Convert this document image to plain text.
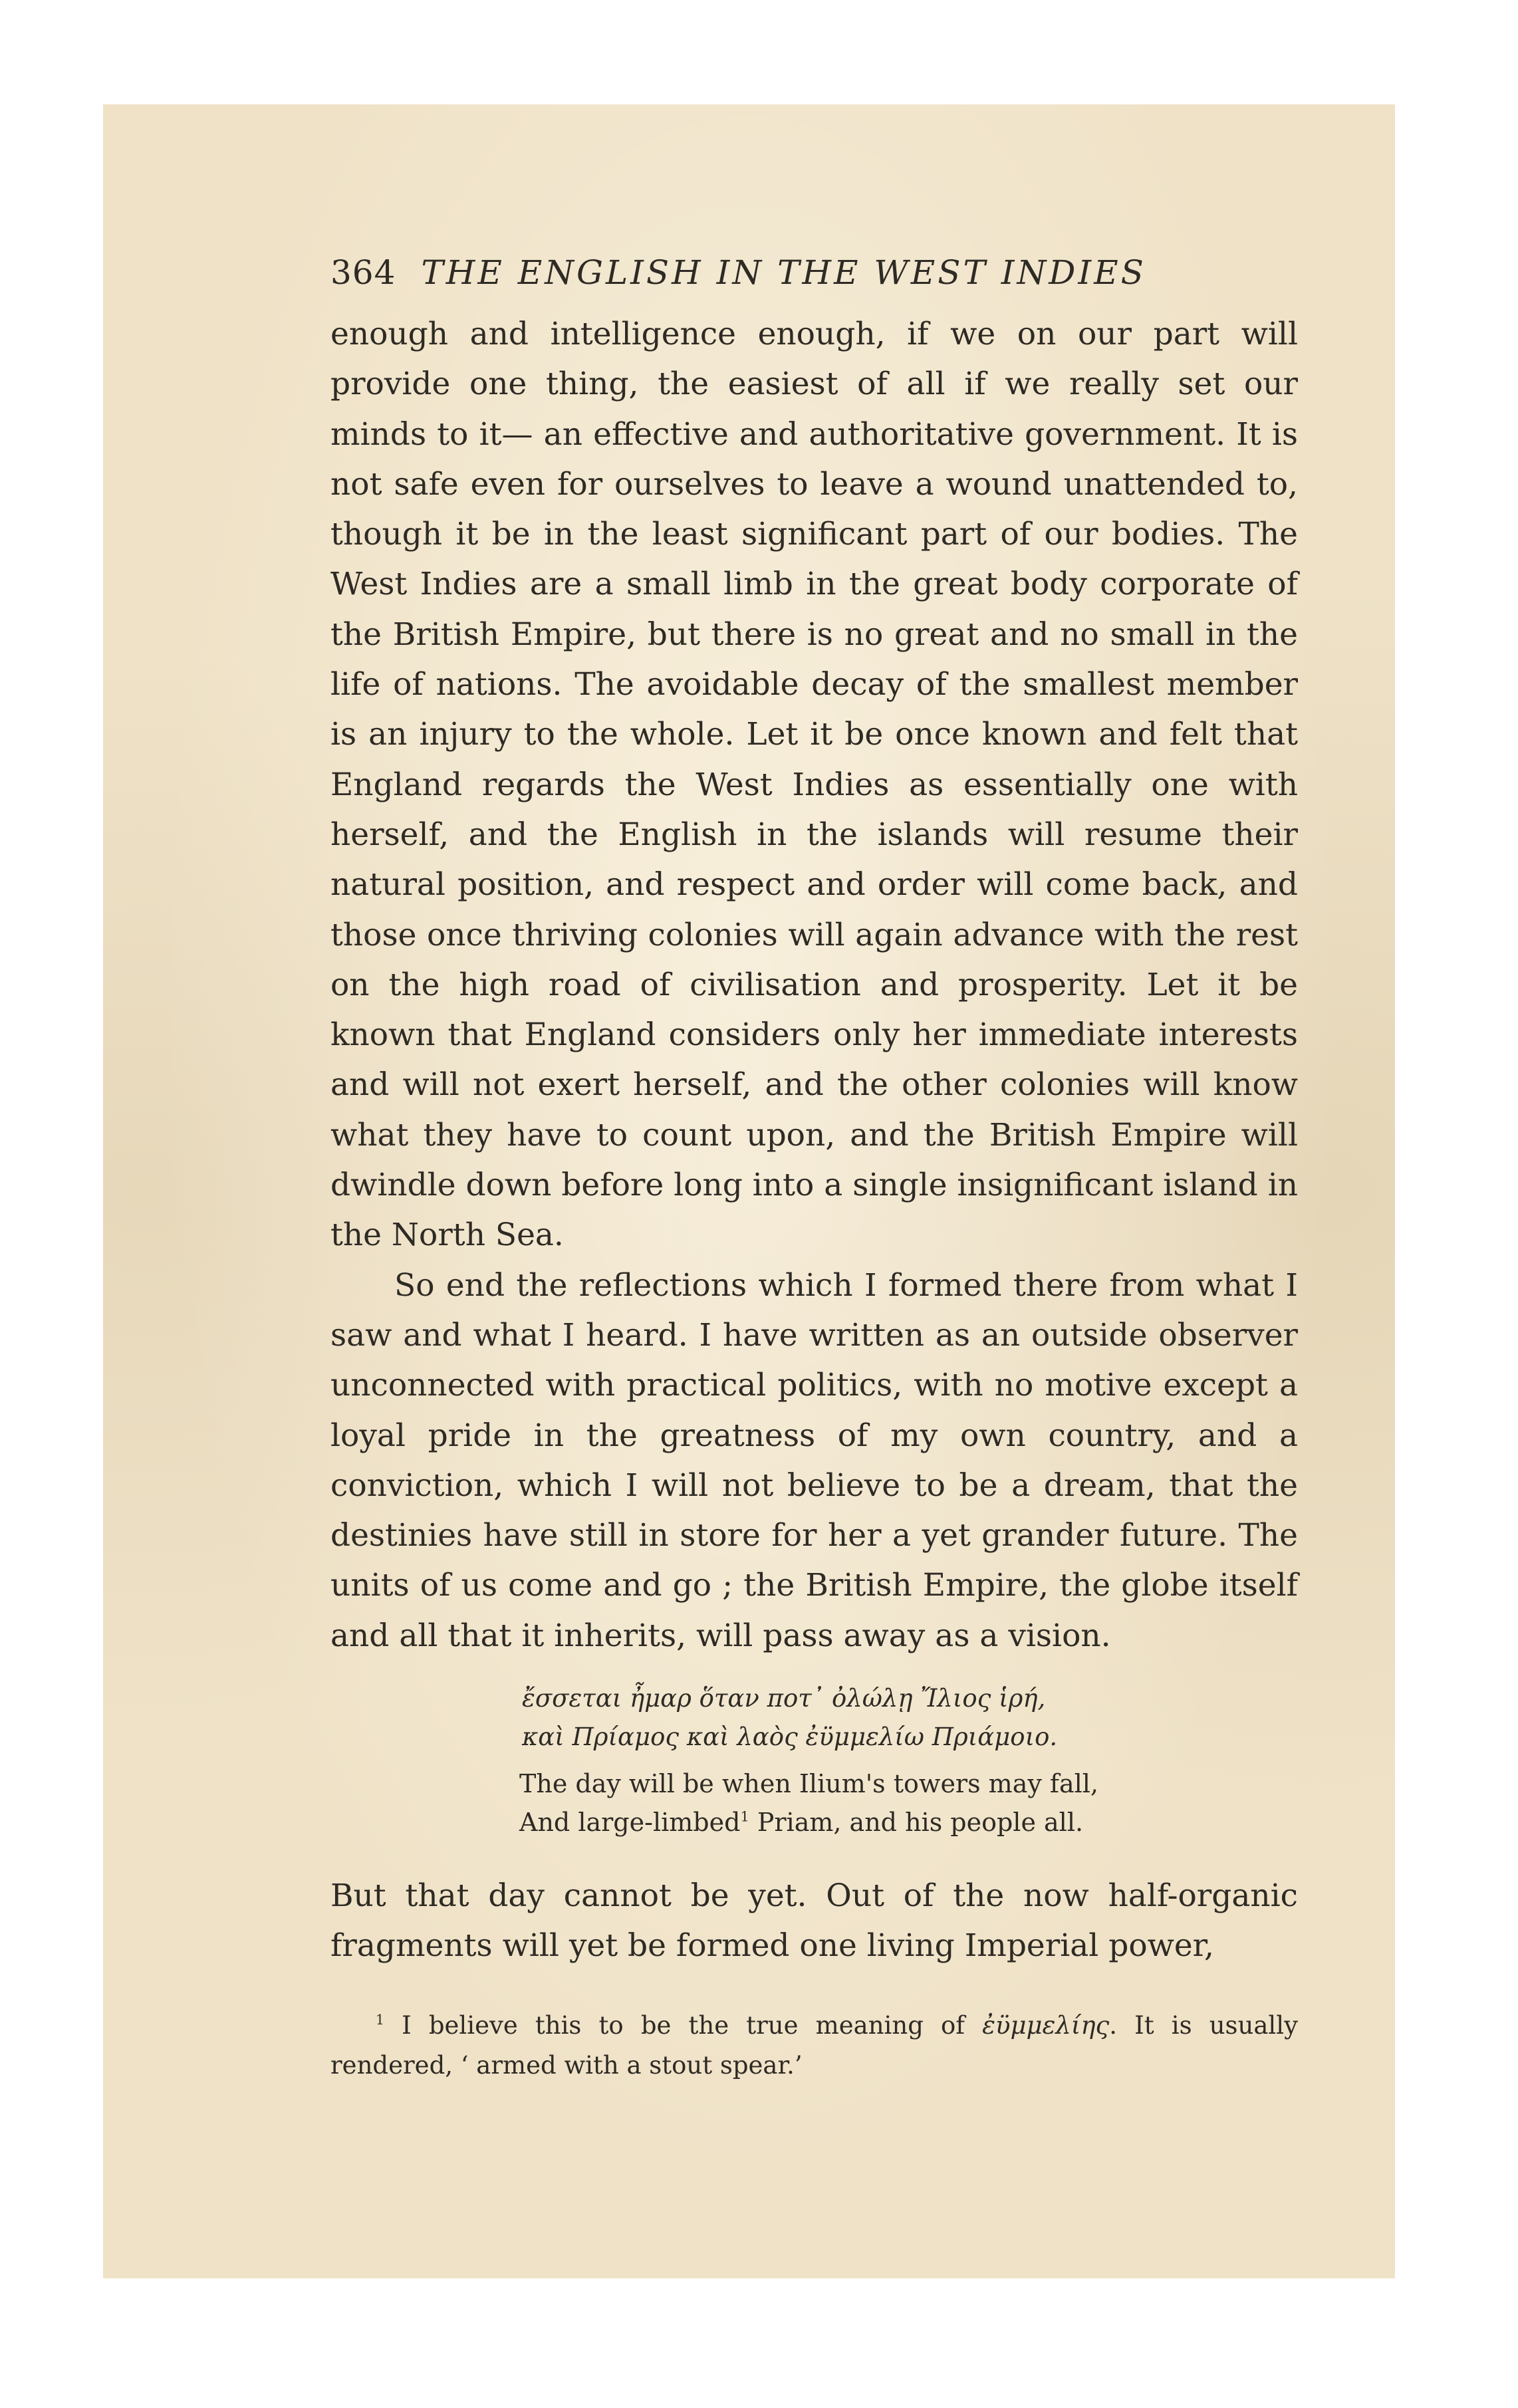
364 THE ENGLISH IN THE WEST INDIES

enough and intelligence enough, if we on our part will provide one thing, the easiest of all if we really set our minds to it— an effective and authoritative government. It is not safe even for ourselves to leave a wound unattended to, though it be in the least significant part of our bodies. The West Indies are a small limb in the great body corporate of the British Empire, but there is no great and no small in the life of nations. The avoidable decay of the smallest member is an injury to the whole. Let it be once known and felt that England regards the West Indies as essentially one with herself, and the English in the islands will resume their natural position, and respect and order will come back, and those once thriving colonies will again advance with the rest on the high road of civilisation and prosperity. Let it be known that England considers only her immediate interests and will not exert herself, and the other colonies will know what they have to count upon, and the British Empire will dwindle down before long into a single insignificant island in the North Sea.

So end the reflections which I formed there from what I saw and what I heard. I have written as an outside observer unconnected with practical politics, with no motive except a loyal pride in the greatness of my own country, and a conviction, which I will not believe to be a dream, that the destinies have still in store for her a yet grander future. The units of us come and go ; the British Empire, the globe itself and all that it inherits, will pass away as a vision.

ἔσσεται ἦμαρ ὅταν ποτ᾽ ὀλώλῃ Ἴλιος ἱρή,
καὶ Πρίαμος καὶ λαὸς ἐϋμμελίω Πριάμοιο.
The day will be when Ilium's towers may fall,
And large-limbed$^1$ Priam, and his people all.

But that day cannot be yet. Out of the now half-organic fragments will yet be formed one living Imperial power,

$^1$ I believe this to be the true meaning of ἐϋμμελίης. It is usually rendered, ‘ armed with a stout spear.’
